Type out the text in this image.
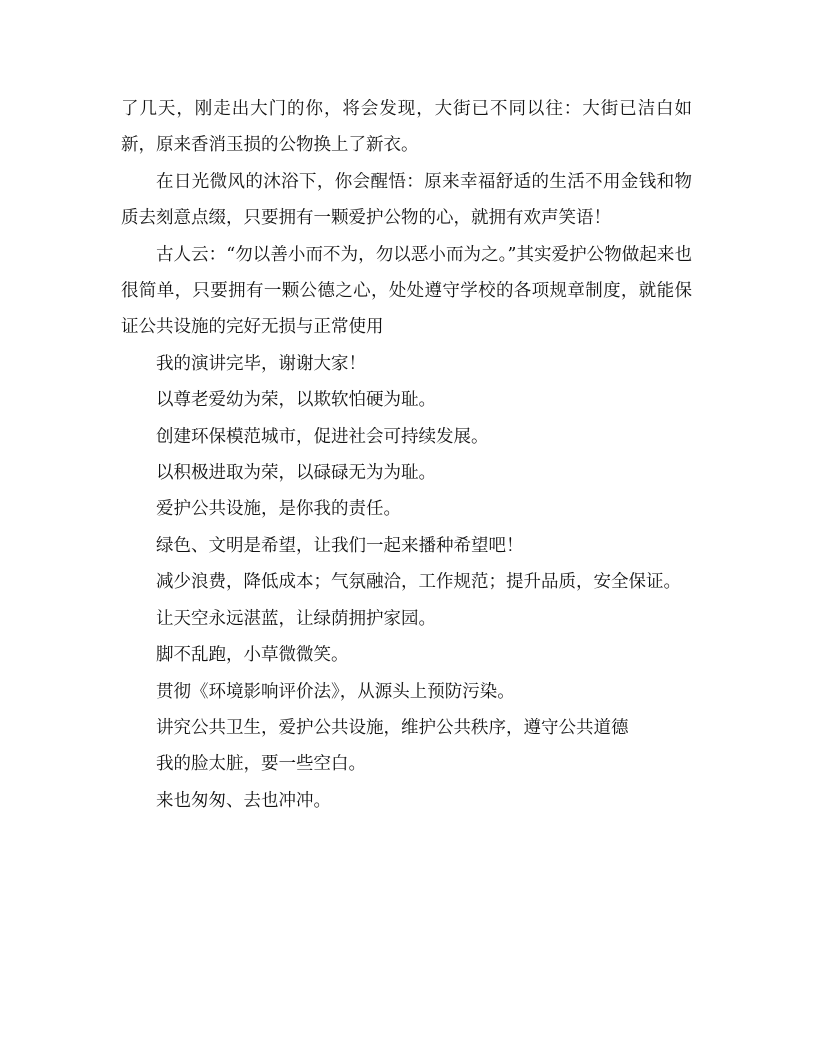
了几天，刚走出大门的你，将会发现，大街已不同以往：大街已洁白如新，原来香消玉损的公物换上了新衣。

在日光微风的沐浴下，你会醒悟：原来幸福舒适的生活不用金钱和物质去刻意点缀，只要拥有一颗爱护公物的心，就拥有欢声笑语！

古人云：“勿以善小而不为，勿以恶小而为之。”其实爱护公物做起来也很简单，只要拥有一颗公德之心，处处遵守学校的各项规章制度，就能保证公共设施的完好无损与正常使用

我的演讲完毕，谢谢大家！

以尊老爱幼为荣，以欺软怕硬为耻。

创建环保模范城市，促进社会可持续发展。

以积极进取为荣，以碌碌无为为耻。

爱护公共设施，是你我的责任。

绿色、文明是希望，让我们一起来播种希望吧！

减少浪费，降低成本；气氛融洽，工作规范；提升品质，安全保证。

让天空永远湛蓝，让绿荫拥护家园。

脚不乱跑，小草微微笑。

贯彻《环境影响评价法》，从源头上预防污染。

讲究公共卫生，爱护公共设施，维护公共秩序，遵守公共道德

我的脸太脏，要一些空白。

来也匆匆、去也冲冲。
